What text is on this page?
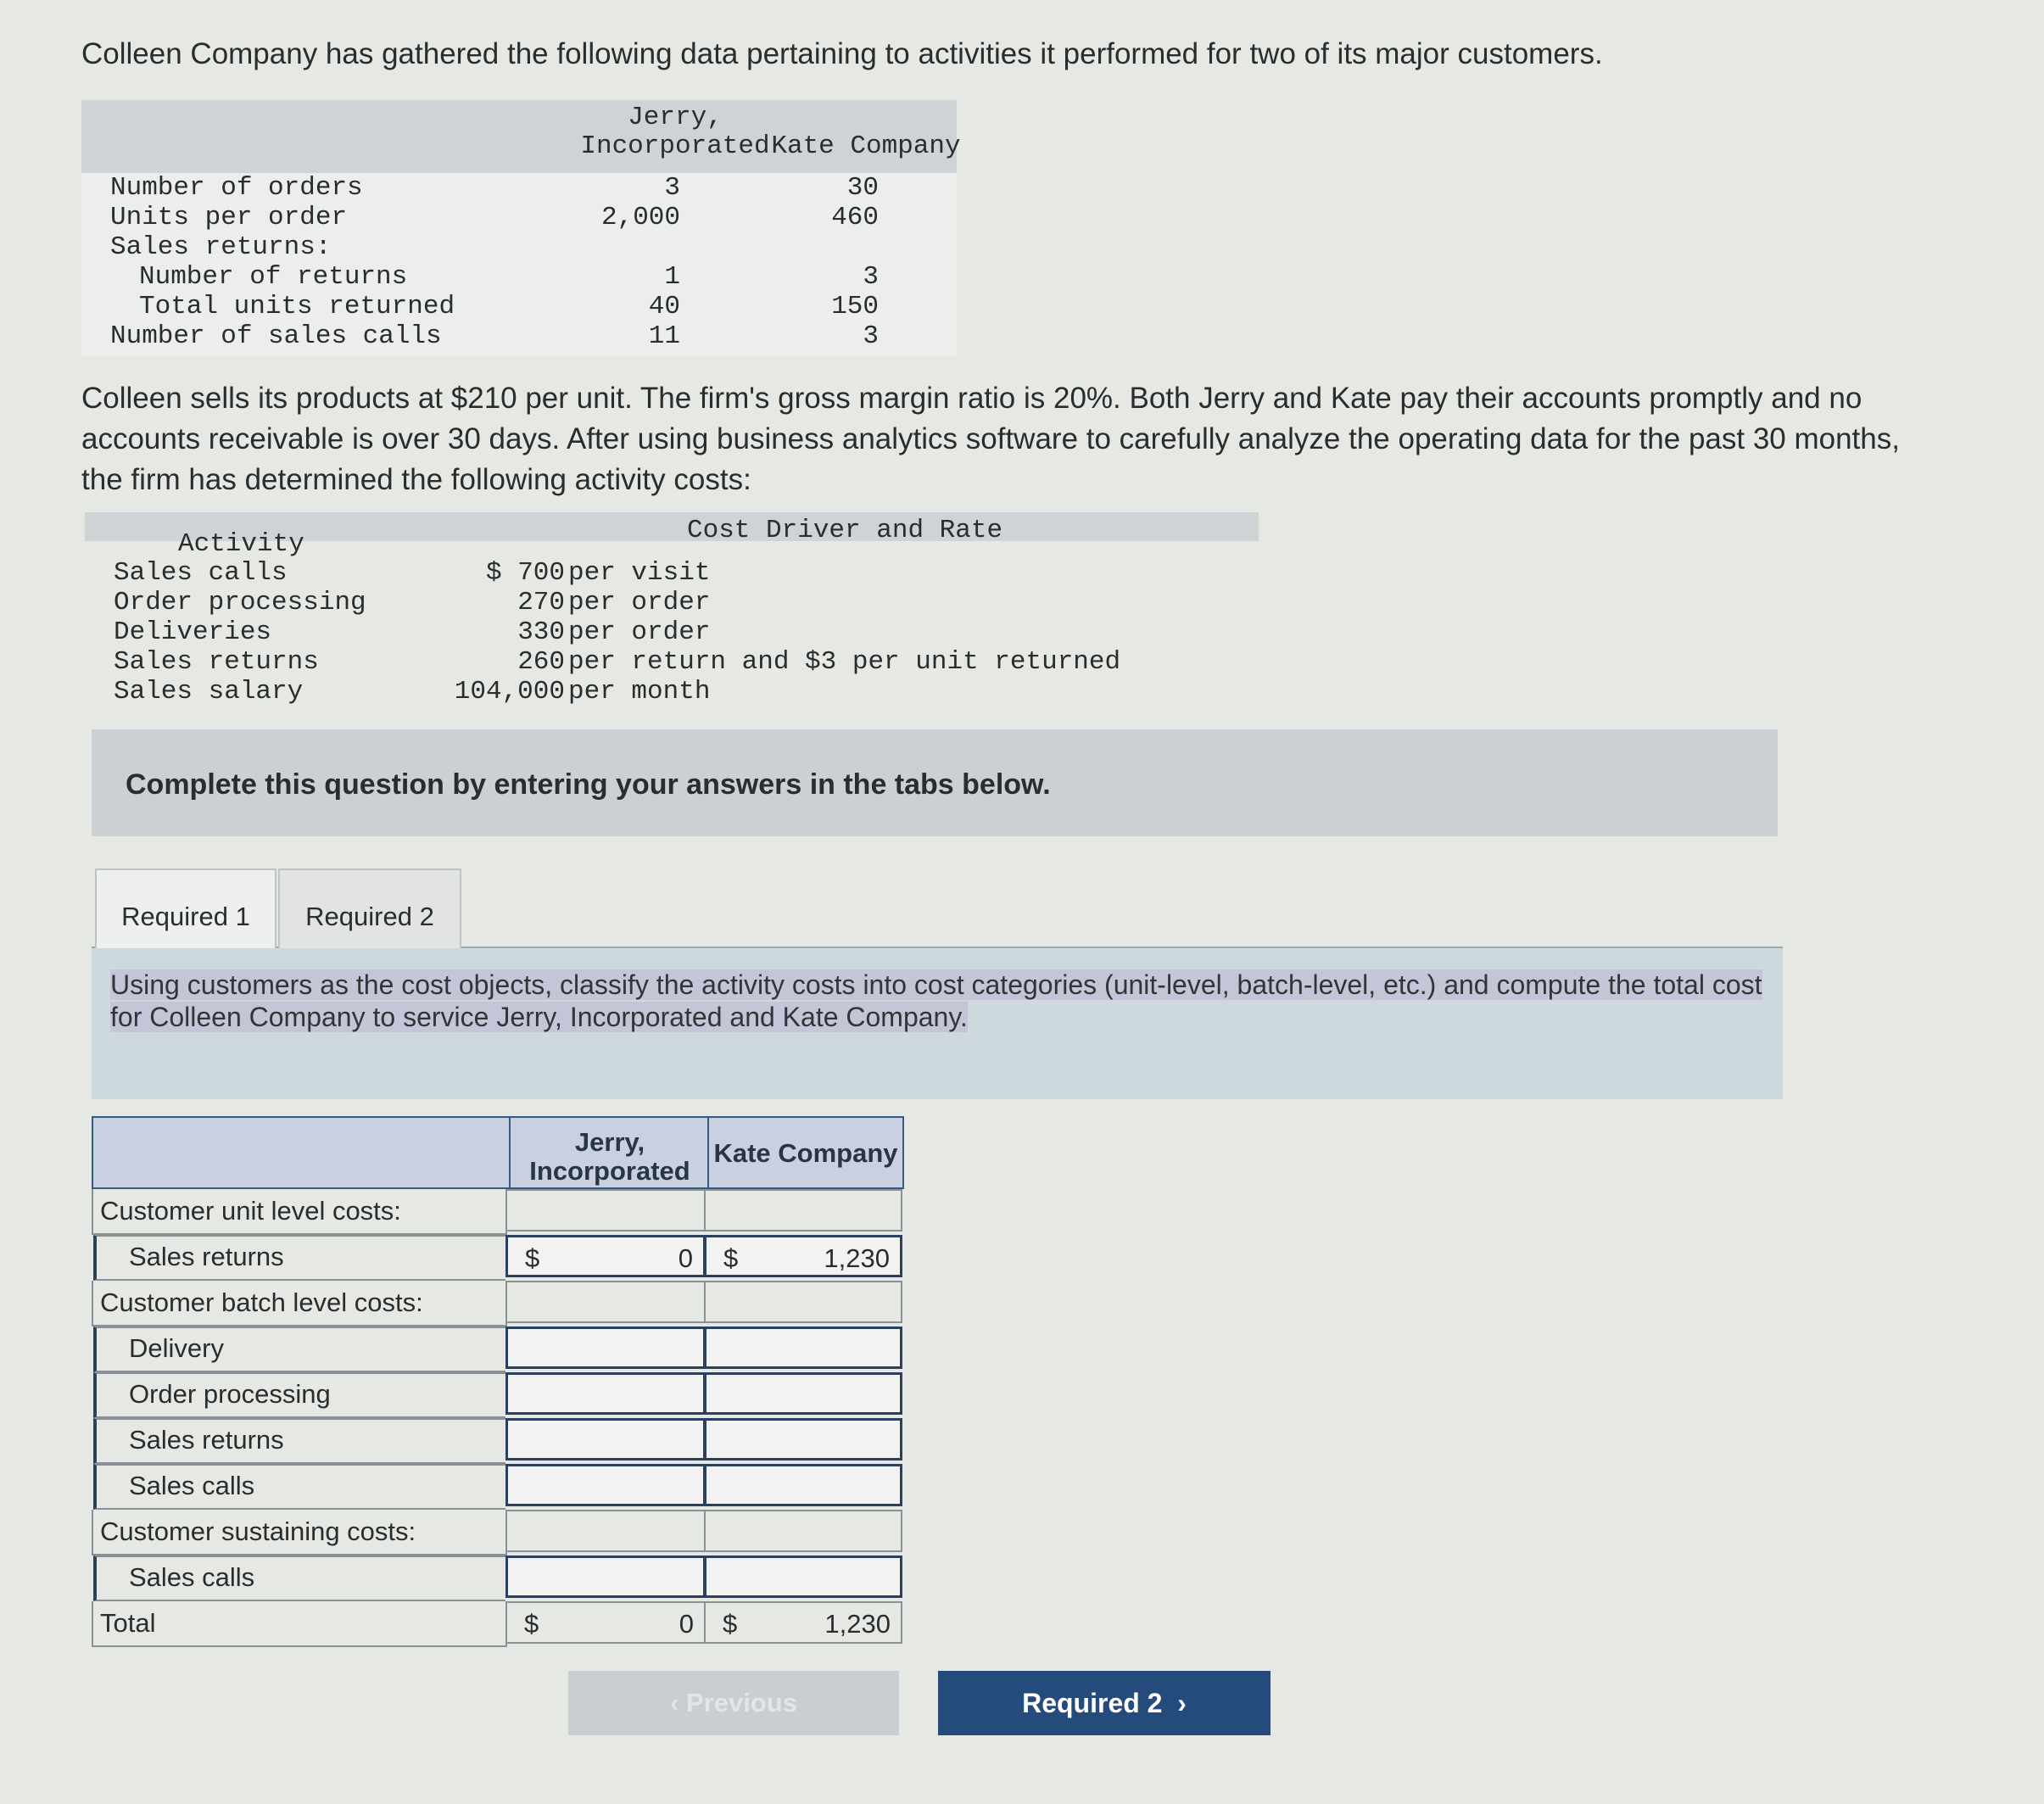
Colleen Company has gathered the following data pertaining to activities it performed for two of its major customers.
Jerry,
Incorporated Kate Company
Number of orders	3	30
Units per order	2,000	460
Sales returns:
Number of returns	1	3
Total units returned	40	150
Number of sales calls	11	3
Colleen sells its products at $210 per unit. The firm's gross margin ratio is 20%. Both Jerry and Kate pay their accounts promptly and no accounts receivable is over 30 days. After using business analytics software to carefully analyze the operating data for the past 30 months, the firm has determined the following activity costs:
Activity	Cost Driver and Rate
Sales calls	$ 700 per visit
Order processing	270 per order
Deliveries	330 per order
Sales returns	260 per return and $3 per unit returned
Sales salary	104,000 per month
Complete this question by entering your answers in the tabs below.
Required 1	Required 2
Using customers as the cost objects, classify the activity costs into cost categories (unit-level, batch-level, etc.) and compute the total cost for Colleen Company to service Jerry, Incorporated and Kate Company.
Jerry,
Incorporated
Kate Company
Customer unit level costs:
Sales returns	$	0 $	1,230
Customer batch level costs:
Delivery
Order processing
Sales returns
Sales calls
Customer sustaining costs:
Sales calls
Total	$	0 $	1,230
‹ Previous	Required 2  ›
